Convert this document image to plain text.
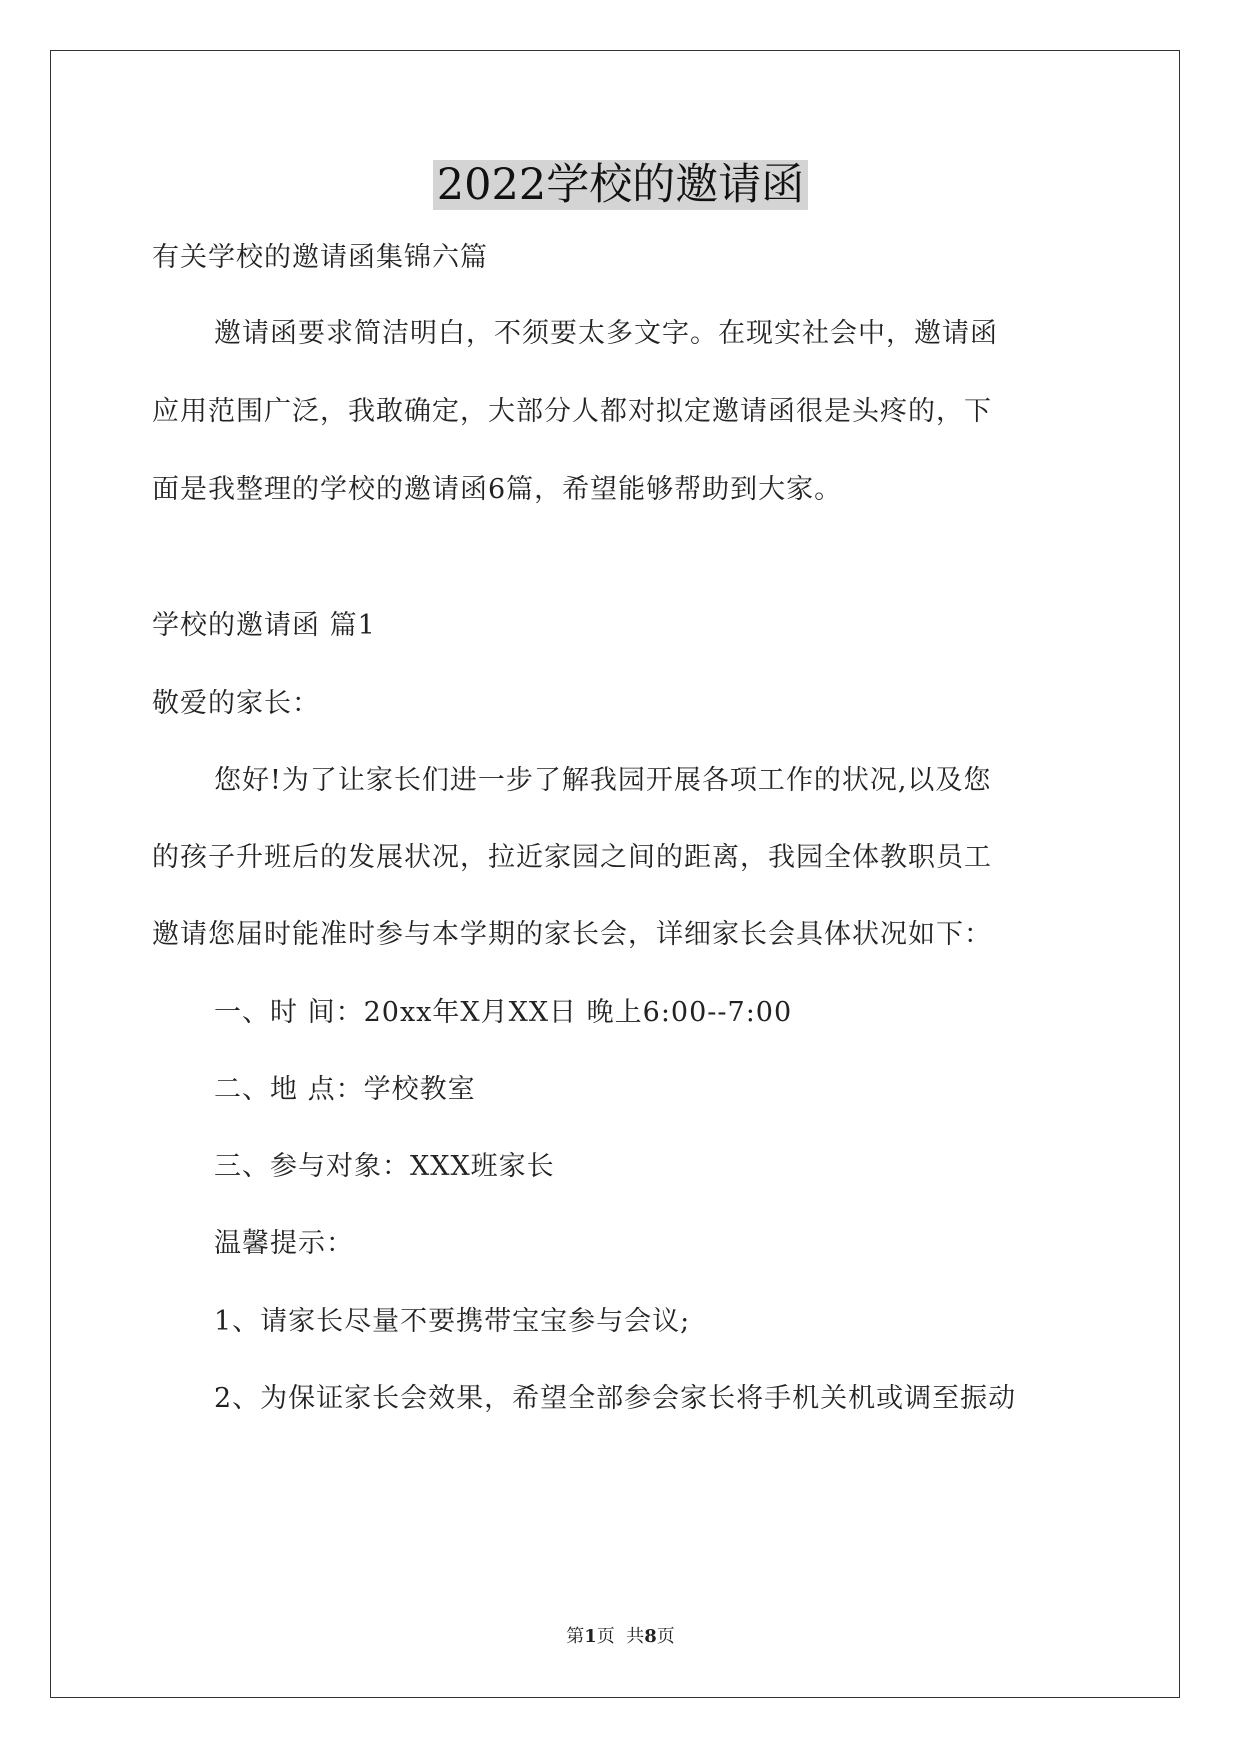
2022学校的邀请函
有关学校的邀请函集锦六篇
邀请函要求简洁明白，不须要太多文字。在现实社会中，邀请函
应用范围广泛，我敢确定，大部分人都对拟定邀请函很是头疼的，下
面是我整理的学校的邀请函6篇，希望能够帮助到大家。
学校的邀请函 篇1
敬爱的家长：
您好!为了让家长们进一步了解我园开展各项工作的状况,以及您
的孩子升班后的发展状况，拉近家园之间的距离，我园全体教职员工
邀请您届时能准时参与本学期的家长会，详细家长会具体状况如下：
一、时 间：20xx年X月XX日 晚上6:00--7:00
二、地 点：学校教室
三、参与对象：XXX班家长
温馨提示：
1、请家长尽量不要携带宝宝参与会议;
2、为保证家长会效果，希望全部参会家长将手机关机或调至振动
第1页  共8页
